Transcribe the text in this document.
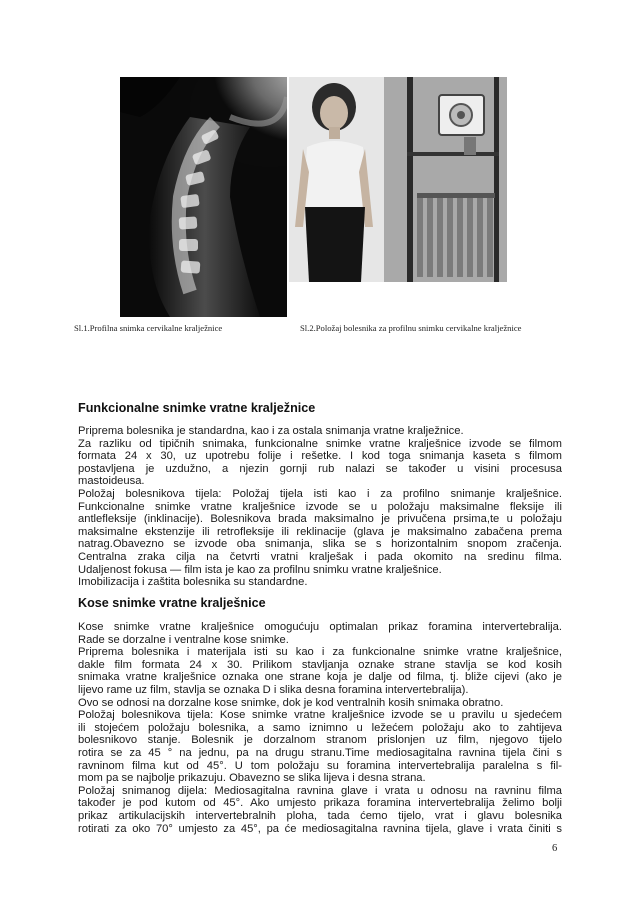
Sl.1.Profilna snimka cervikalne kralježnice	Sl.2.Položaj bolesnika za profilnu snimku cervikalne kralježnice
Funkcionalne snimke vratne kralježnice

Priprema bolesnika je standardna, kao i za ostala snimanja vratne kralježnice.

Za razliku od tipičnih snimaka, funkcionalne snimke vratne kralješnice izvode se filmom

formata 24 x 30, uz upotrebu folije i rešetke. I kod toga snimanja kaseta s filmom

postavljena je uzdužno, a njezin gornji rub nalazi se također u visini procesusa

mastoideusa.

Položaj bolesnikova tijela: Položaj tijela isti kao i za profilno snimanje kralješnice.

Funkcionalne snimke vratne kralješnice izvode se u položaju maksimalne fleksije ili

antlefleksije (inklinacije). Bolesnikova brada maksimalno je privučena prsima,te u položaju

maksimalne ekstenzije ili retrofleksije ili reklinacije (glava je maksimalno zabačena prema

natrag.Obavezno se izvode oba snimanja, slika se s horizontalnim snopom zračenja.

Centralna zraka cilja na četvrti vratni kralješak i pada okomito na sredinu filma.

Udaljenost fokusa — film ista je kao za profilnu snimku vratne kralješnice.

Imobilizacija i zaštita bolesnika su standardne.

Kose snimke vratne kralješnice

Kose snimke vratne kralješnice omogućuju optimalan prikaz foramina intervertebralija.

Rade se dorzalne i ventralne kose snimke.

Priprema bolesnika i materijala isti su kao i za funkcionalne snimke vratne kralješnice,

dakle film formata 24 x 30. Prilikom stavljanja oznake strane stavlja se kod kosih

snimaka vratne kralješnice oznaka one strane koja je dalje od filma, tj. bliže cijevi (ako je

lijevo rame uz film, stavlja se oznaka D i slika desna foramina intervertebralija).

Ovo se odnosi na dorzalne kose snimke, dok je kod ventralnih kosih snimaka obratno.

Položaj bolesnikova tijela: Kose snimke vratne kralješnice izvode se u pravilu u sjedećem

ili stojećem položaju bolesnika, a samo iznimno u ležećem položaju ako to zahtijeva

bolesnikovo stanje. Bolesnik je dorzalnom stranom prislonjen uz film, njegovo tijelo

rotira se za 45 ° na jednu, pa na drugu stranu.Time mediosagitalna ravnina tijela čini s

ravninom filma kut od 45°. U tom položaju su foramina intervertebralija paralelna s fil-

mom pa se najbolje prikazuju. Obavezno se slika lijeva i desna strana.

Položaj snimanog dijela: Mediosagitalna ravnina glave i vrata u odnosu na ravninu filma

također je pod kutom od 45°. Ako umjesto prikaza foramina intervertebralija želimo bolji

prikaz artikulacijskih intervertebralnih ploha, tada ćemo tijelo, vrat i glavu bolesnika

rotirati za oko 70° umjesto za 45°, pa će mediosagitalna ravnina tijela, glave i vrata činiti s

6
